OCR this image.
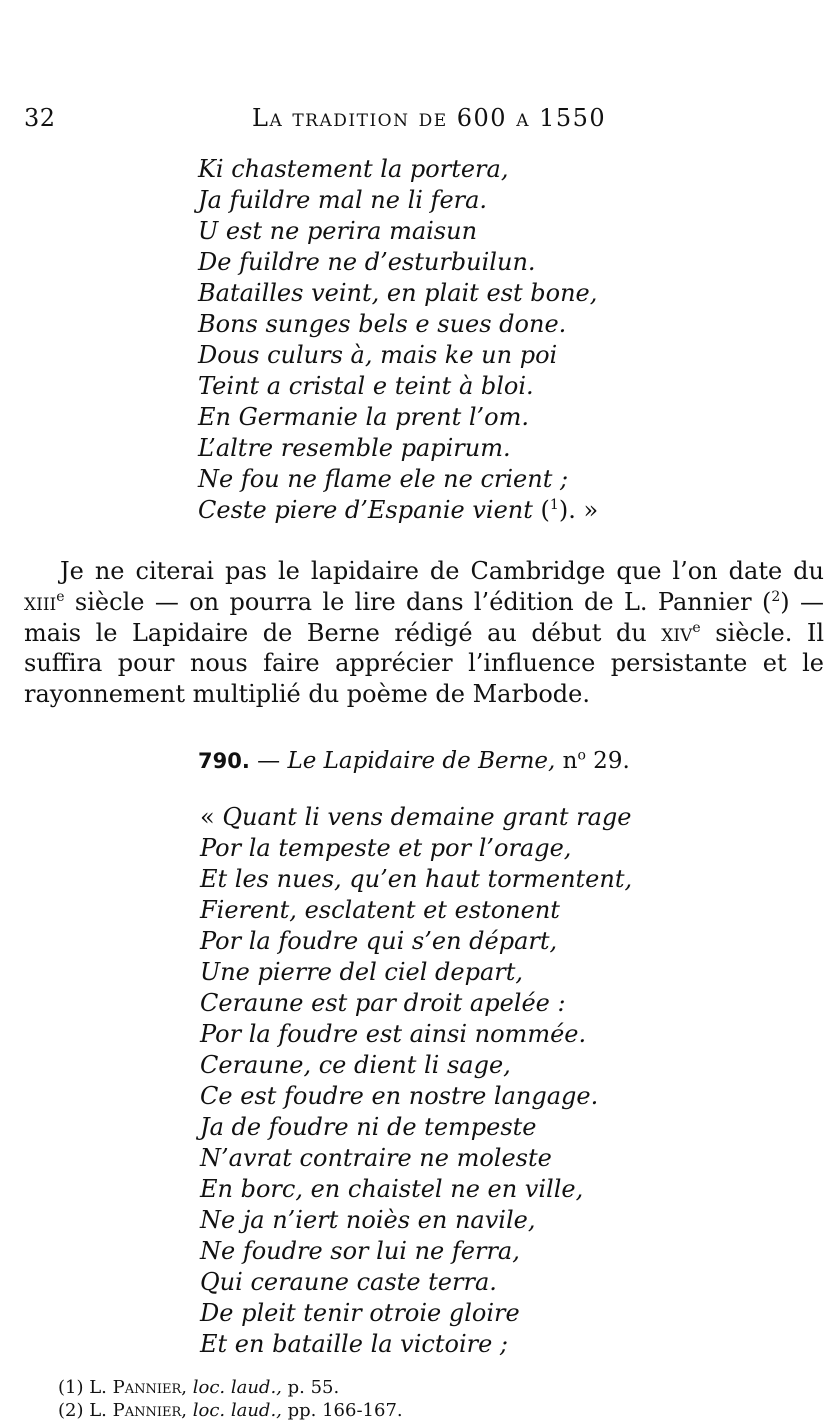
32	La tradition de 600 a 1550
Ki chastement la portera,
Ja fuildre mal ne li fera.
U est ne perira maisun
De fuildre ne d’esturbuilun.
Batailles veint, en plait est bone,
Bons sunges bels e sues done.
Dous culurs à, mais ke un poi
Teint a cristal e teint à bloi.
En Germanie la prent l’om.
L’altre resemble papirum.
Ne fou ne flame ele ne crient ;
Ceste piere d’Espanie vient ($^1$). »

Je ne citerai pas le lapidaire de Cambridge que l’on date du xiii$^e$ siècle — on pourra le lire dans l’édition de L. Pannier ($^2$) — mais le Lapidaire de Berne rédigé au début du xiv$^e$ siècle. Il suffira pour nous faire apprécier l’influence persistante et le rayonnement multiplié du poème de Marbode.

790. — Le Lapidaire de Berne, $n^o$ 29.
« Quant li vens demaine grant rage
Por la tempeste et por l’orage,
Et les nues, qu’en haut tormentent,
Fierent, esclatent et estonent
Por la foudre qui s’en départ,
Une pierre del ciel depart,
Ceraune est par droit apelée :
Por la foudre est ainsi nommée.
Ceraune, ce dient li sage,
Ce est foudre en nostre langage.
Ja de foudre ni de tempeste
N’avrat contraire ne moleste
En borc, en chaistel ne en ville,
Ne ja n’iert noiès en navile,
Ne foudre sor lui ne ferra,
Qui ceraune caste terra.
De pleit tenir otroie gloire
Et en bataille la victoire ;
(1) L. Pannier, loc. laud., p. 55.
(2) L. Pannier, loc. laud., pp. 166-167.
